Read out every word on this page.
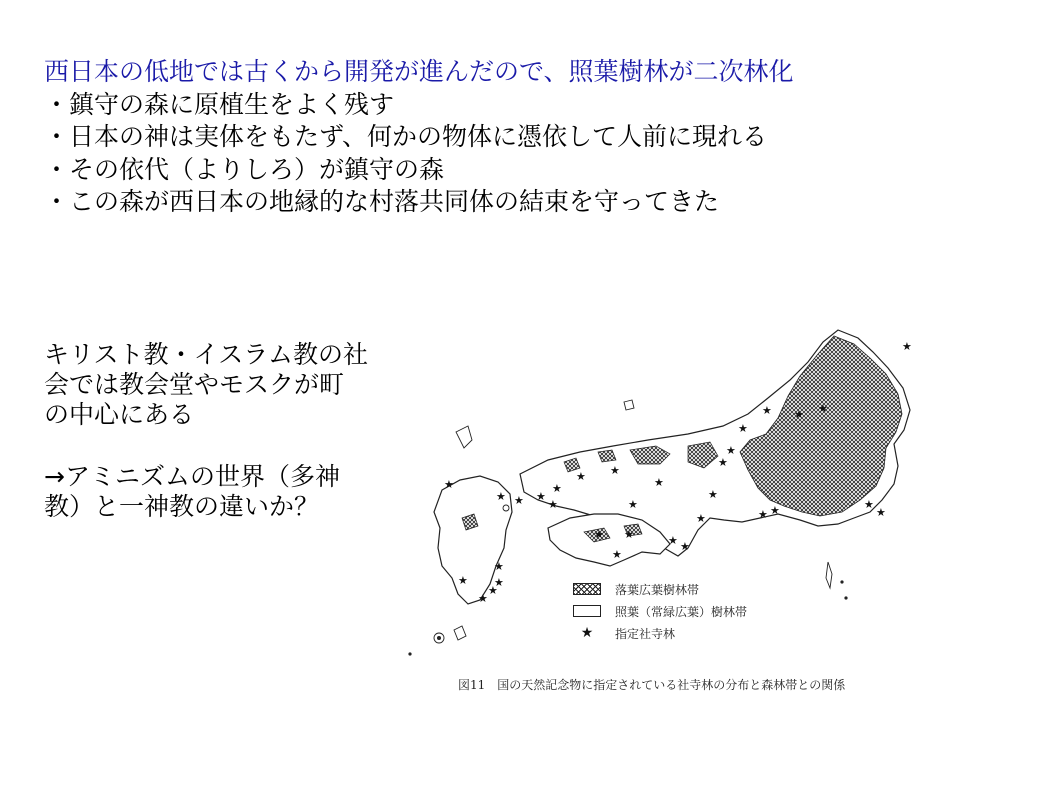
西日本の低地では古くから開発が進んだので、照葉樹林が二次林化
・鎮守の森に原植生をよく残す
・日本の神は実体をもたず、何かの物体に憑依して人前に現れる
・その依代（よりしろ）が鎮守の森
・この森が西日本の地縁的な村落共同体の結束を守ってきた

キリスト教・イスラム教の社

会では教会堂やモスクが町

の中心にある

→アミニズムの世界（多神

教）と一神教の違いか？

★
★
★
★
★
★
★ ★	★
★
★
★
★
★
★
★
★
★
★
★
★
★
★
★
★
★
★
★
★
★
★
★
★
落葉広葉樹林帯
照葉（常緑広葉）樹林帯
★	指定社寺林
図11　国の天然記念物に指定されている社寺林の分布と森林帯との関係
